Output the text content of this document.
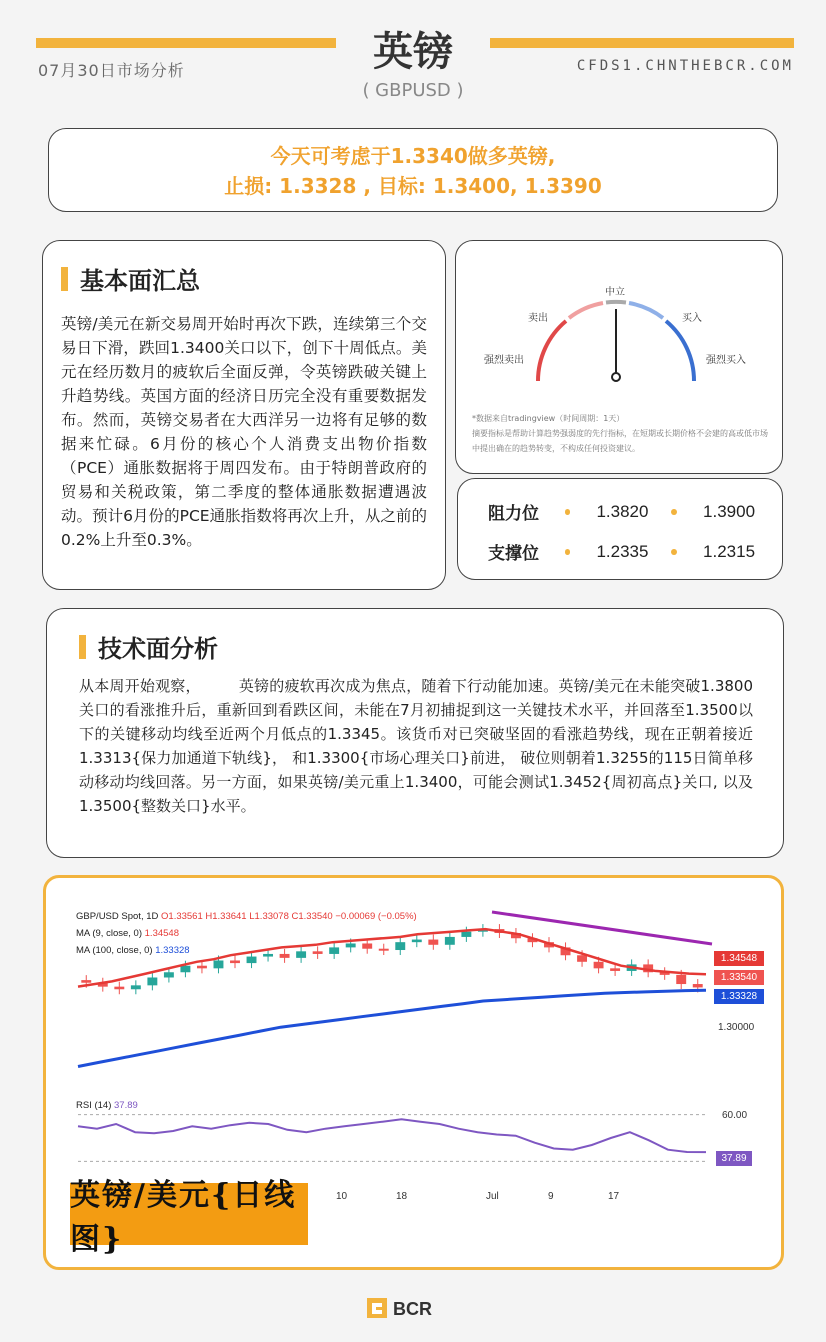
07月30日市场分析	英镑
( GBPUSD )
CFDS1.CHNTHEBCR.COM
今天可考虑于1.3340做多英镑,
止损: 1.3328 , 目标: 1.3400, 1.3390
基本面汇总
英镑/美元在新交易周开始时再次下跌，连续第三个交易日下滑，跌回1.3400关口以下，创下十周低点。美元在经历数月的疲软后全面反弹，令英镑跌破关键上升趋势线。英国方面的经济日历完全没有重要数据发布。然而，英镑交易者在大西洋另一边将有足够的数据来忙碌。6月份的核心个人消费支出物价指数（PCE）通胀数据将于周四发布。由于特朗普政府的贸易和关税政策，第二季度的整体通胀数据遭遇波动。预计6月份的PCE通胀指数将再次上升，从之前的0.2%上升至0.3%。
强烈卖出
卖出
中立
买入
强烈买入
*数据来自tradingview（时间周期：1天）
摘要指标是帮助计算趋势强弱度的先行指标，在短期或长期价格不会建的高或低市场中提出确在的趋势转变，不构成任何投资建议。
阻力位	1.3820	1.3900
支撑位	1.2335	1.2315
技术面分析
从本周开始观察，　　　英镑的疲软再次成为焦点，随着下行动能加速。英镑/美元在未能突破1.3800关口的看涨推升后，重新回到看跌区间，未能在7月初捕捉到这一关键技术水平，并回落至1.3500以下的关键移动均线至近两个月低点的1.3345。该货币对已突破坚固的看涨趋势线，现在正朝着接近1.3313{保力加通道下轨线}， 和1.3300{市场心理关口}前进， 破位则朝着1.3255的115日简单移动移动均线回落。另一方面，如果英镑/美元重上1.3400，可能会测试1.3452{周初高点}关口, 以及1.3500{整数关口}水平。
GBP/USD Spot, 1D O1.33561 H1.33641 L1.33078 C1.33540 −0.00069 (−0.05%)
MA (9, close, 0) 1.34548
MA (100, close, 0) 1.33328
1.34548
1.33540
1.33328
1.30000
RSI (14) 37.89
60.00
37.89
10	18	Jul	9	17
英镑/美元{日线图}
BCR
